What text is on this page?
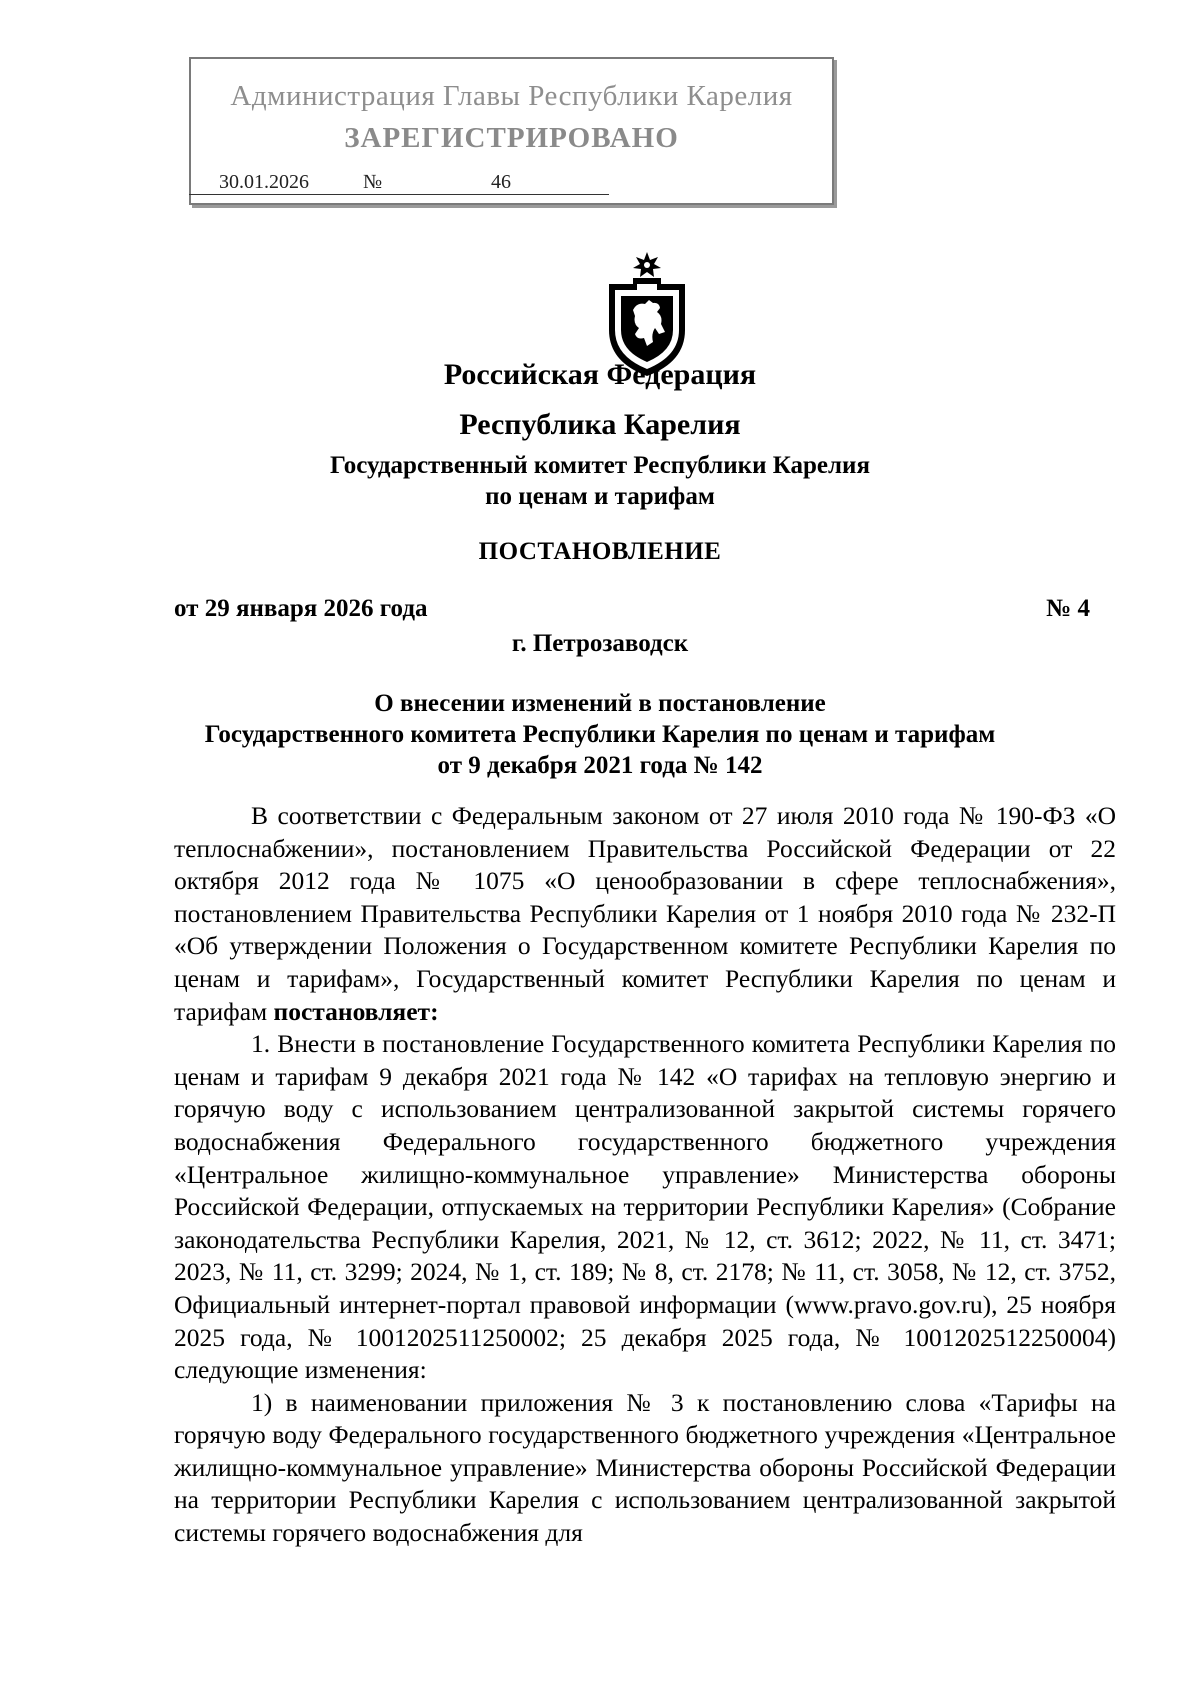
Администрация Главы Республики Карелия
ЗАРЕГИСТРИРОВАНО
30.01.2026	№	46
Российская Федерация
Республика Карелия
Государственный комитет Республики Карелия
по ценам и тарифам
ПОСТАНОВЛЕНИЕ
от 29 января 2026 года	№ 4
г. Петрозаводск
О внесении изменений в постановление
Государственного комитета Республики Карелия по ценам и тарифам
от 9 декабря 2021 года № 142

В соответствии с Федеральным законом от 27 июля 2010 года № 190-ФЗ «О теплоснабжении», постановлением Правительства Российской Федерации от 22 октября 2012 года № 1075 «О ценообразовании в сфере теплоснабжения», постановлением Правительства Республики Карелия от 1 ноября 2010 года № 232-П «Об утверждении Положения о Государственном комитете Республики Карелия по ценам и тарифам», Государственный комитет Республики Карелия по ценам и тарифам постановляет:

1. Внести в постановление Государственного комитета Республики Карелия по ценам и тарифам 9 декабря 2021 года № 142 «О тарифах на тепловую энергию и горячую воду с использованием централизованной закрытой системы горячего водоснабжения Федерального государственного бюджетного учреждения «Центральное жилищно-коммунальное управление» Министерства обороны Российской Федерации, отпускаемых на территории Республики Карелия» (Собрание законодательства Республики Карелия, 2021, № 12, ст. 3612; 2022, № 11, ст. 3471; 2023, № 11, ст. 3299; 2024, № 1, ст. 189; № 8, ст. 2178; № 11, ст. 3058, № 12, ст. 3752, Официальный интернет-портал правовой информации (www.pravo.gov.ru), 25 ноября 2025 года, № 1001202511250002; 25 декабря 2025 года, № 1001202512250004) следующие изменения:

1) в наименовании приложения № 3 к постановлению слова «Тарифы на горячую воду Федерального государственного бюджетного учреждения «Центральное жилищно-коммунальное управление» Министерства обороны Российской Федерации на территории Республики Карелия с использованием централизованной закрытой системы горячего водоснабжения для
